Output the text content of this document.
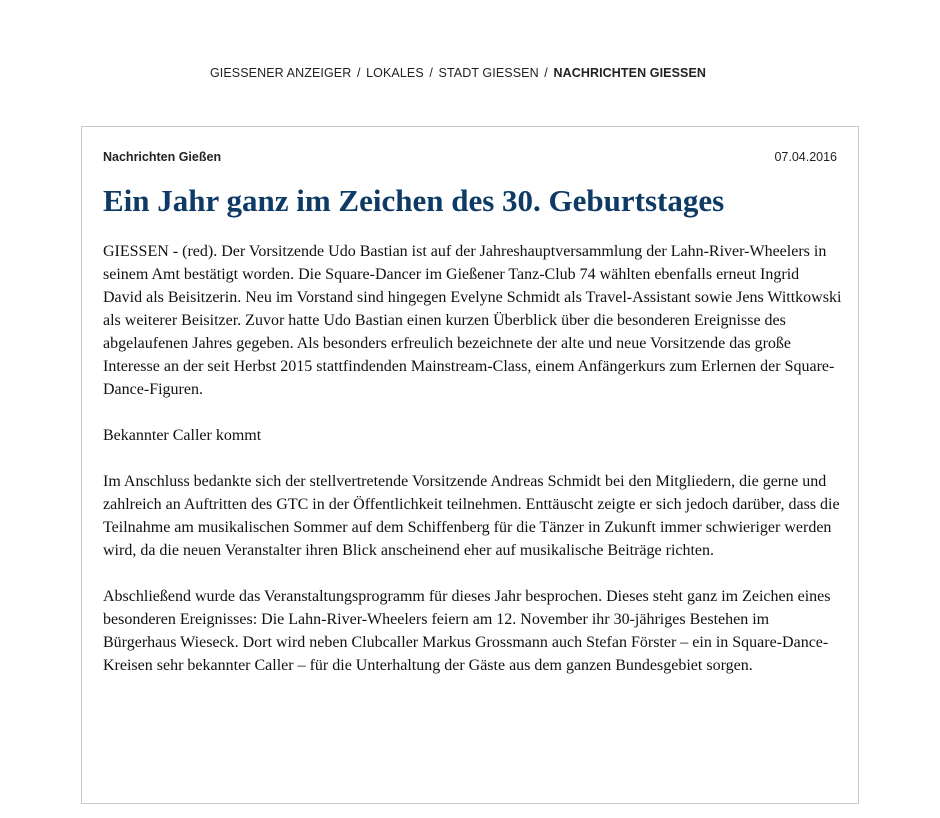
GIESSENER ANZEIGER / LOKALES / STADT GIESSEN / NACHRICHTEN GIESSEN
Nachrichten Gießen	07.04.2016
Ein Jahr ganz im Zeichen des 30. Geburtstages

GIESSEN - (red). Der Vorsitzende Udo Bastian ist auf der Jahreshauptversammlung der Lahn-River-Wheelers in seinem Amt bestätigt worden. Die Square-Dancer im Gießener Tanz-Club 74 wählten ebenfalls erneut Ingrid David als Beisitzerin. Neu im Vorstand sind hingegen Evelyne Schmidt als Travel-Assistant sowie Jens Wittkowski als weiterer Beisitzer. Zuvor hatte Udo Bastian einen kurzen Überblick über die besonderen Ereignisse des abgelaufenen Jahres gegeben. Als besonders erfreulich bezeichnete der alte und neue Vorsitzende das große Interesse an der seit Herbst 2015 stattfindenden Mainstream-Class, einem Anfängerkurs zum Erlernen der Square-Dance-Figuren.

Bekannter Caller kommt

Im Anschluss bedankte sich der stellvertretende Vorsitzende Andreas Schmidt bei den Mitgliedern, die gerne und zahlreich an Auftritten des GTC in der Öffentlichkeit teilnehmen. Enttäuscht zeigte er sich jedoch darüber, dass die Teilnahme am musikalischen Sommer auf dem Schiffenberg für die Tänzer in Zukunft immer schwieriger werden wird, da die neuen Veranstalter ihren Blick anscheinend eher auf musikalische Beiträge richten.

Abschließend wurde das Veranstaltungsprogramm für dieses Jahr besprochen. Dieses steht ganz im Zeichen eines besonderen Ereignisses: Die Lahn-River-Wheelers feiern am 12. November ihr 30-jähriges Bestehen im Bürgerhaus Wieseck. Dort wird neben Clubcaller Markus Grossmann auch Stefan Förster – ein in Square-Dance-Kreisen sehr bekannter Caller – für die Unterhaltung der Gäste aus dem ganzen Bundesgebiet sorgen.
